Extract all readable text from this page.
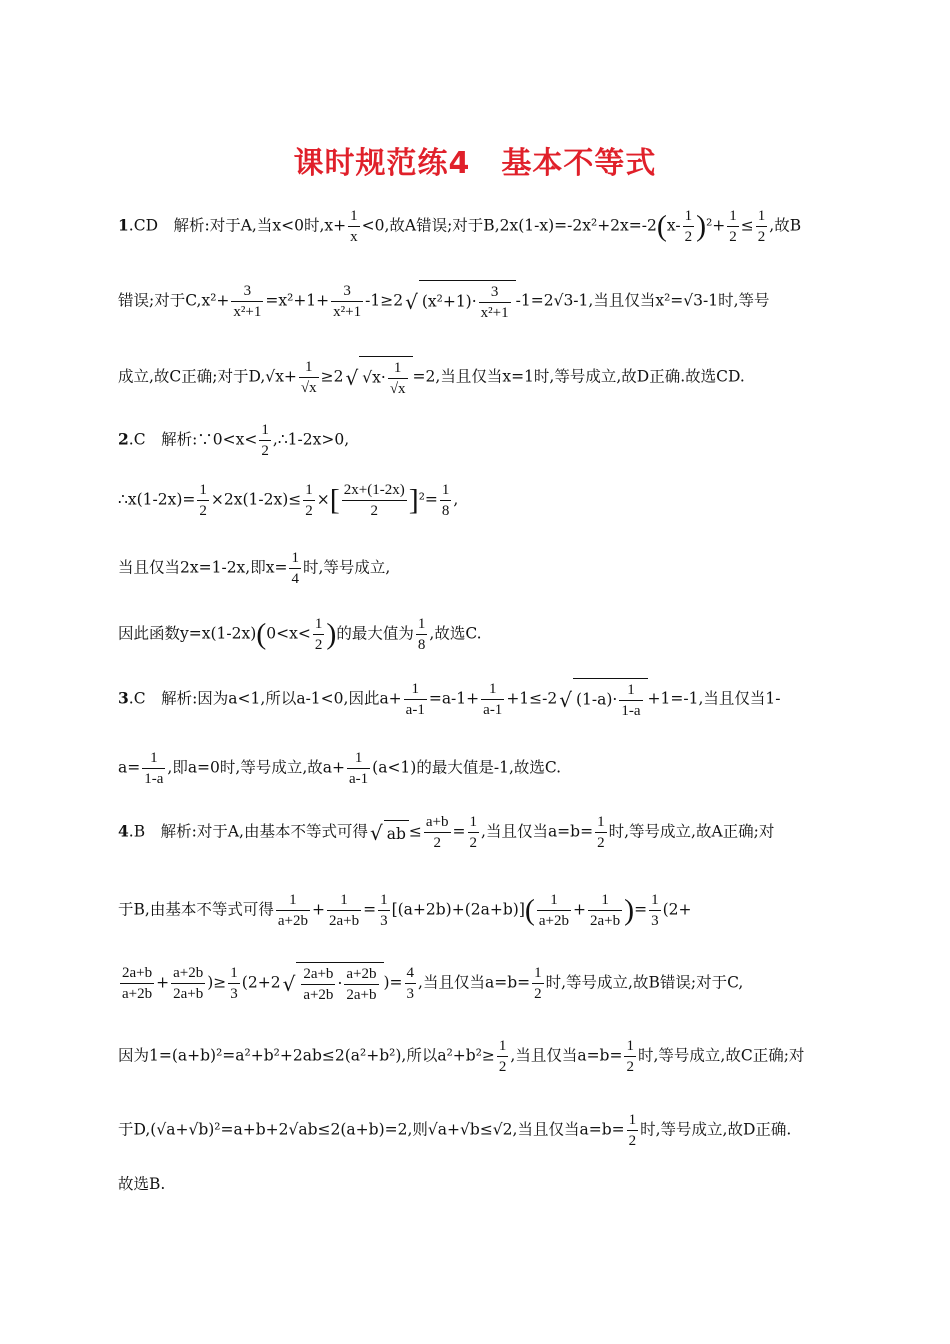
课时规范练4　基本不等式
1.CD　解析:对于A,当x<0时$,x+ \frac{1}{x} <0$,故A错误;对于$B,2x(1-x)=-2x^2+2x=-2(x- \frac{1}{2} )^2+ \frac{1}{2} \le \frac{1}{2}$ ,故B
错误;对于$C,x^2+ \frac{3}{\text{x²+1}} =x^2+1+ \frac{3}{\text{x²+1}} -1\ge 2$ √ $(x^2+1)\cdot \frac{3}{\text{x²+1}} -1=2√3-1$,当且仅当x²=√3-1时,等号
成立,故C正确;对于$D,√x+ \frac{1}{√x} \ge 2$ √ $√x\cdot \frac{1}{√x} =2$,当且仅当x=1时,等号成立,故D正确.故选CD.
2.C　解析:∵0<x< $\frac{1}{2}$ ,∴1-2x>0,
∴x(1-2x)= $\frac{1}{2} \times 2x(1-2x)\le \frac{1}{2}$ ×[ $\frac{2x+(1-2x)}{2} ]^2= \frac{1}{8}$ ,
当且仅当2x=1-2x,即$x= \frac{1}{4}$ 时,等号成立,
因此函数$y=x(1-2x)(0<x< \frac{1}{2}$ )的最大值为 $\frac{1}{8}$ ,故选C.
3.C　解析:因为a<1,所以a-1<0,因此$a+ \frac{1}{a-1} =a-1+ \frac{1}{a-1} +1\le-2$ √ $(1-a)\cdot \frac{1}{1-a} +1=-1$,当且仅当1-
$a= \frac{1}{1-a}$ ,即a=0时,等号成立,故$a+ \frac{1}{a-1} (a<1)$的最大值是-1,故选C.
4.B　解析:对于A,由基本不等式可得 √ ab ≤ $\frac{a+b}{2} = \frac{1}{2}$ ,当且仅当$a=b= \frac{1}{2}$ 时,等号成立,故A正确;对
于B,由基本不等式可得 $\frac{1}{a+2b} + \frac{1}{2a+b} = \frac{1}{3} [(a+2b)+(2a+b)]( \frac{1}{a+2b} + \frac{1}{2a+b}$ )= $\frac{1}{3} (2+$
$\frac{2a+b}{a+2b} + \frac{a+2b}{2a+b}$ )≥ $\frac{1}{3} (2+2$ √ $\frac{2a+b}{a+2b} \cdot \frac{a+2b}{2a+b}$ )= $\frac{4}{3}$ ,当且仅当$a=b= \frac{1}{2}$ 时,等号成立,故B错误;对于C,
因为1=(a+b)²=a²+b²+2ab≤2(a²+b²),所以$a^2+b^2\ge \frac{1}{2}$ ,当且仅当$a=b= \frac{1}{2}$ 时,等号成立,故C正确;对
于D,(√a+√b)²=a+b+2√ab≤2(a+b)=2,则√a+√b≤√2,当且仅当$a=b= \frac{1}{2}$ 时,等号成立,故D正确.
故选B.
